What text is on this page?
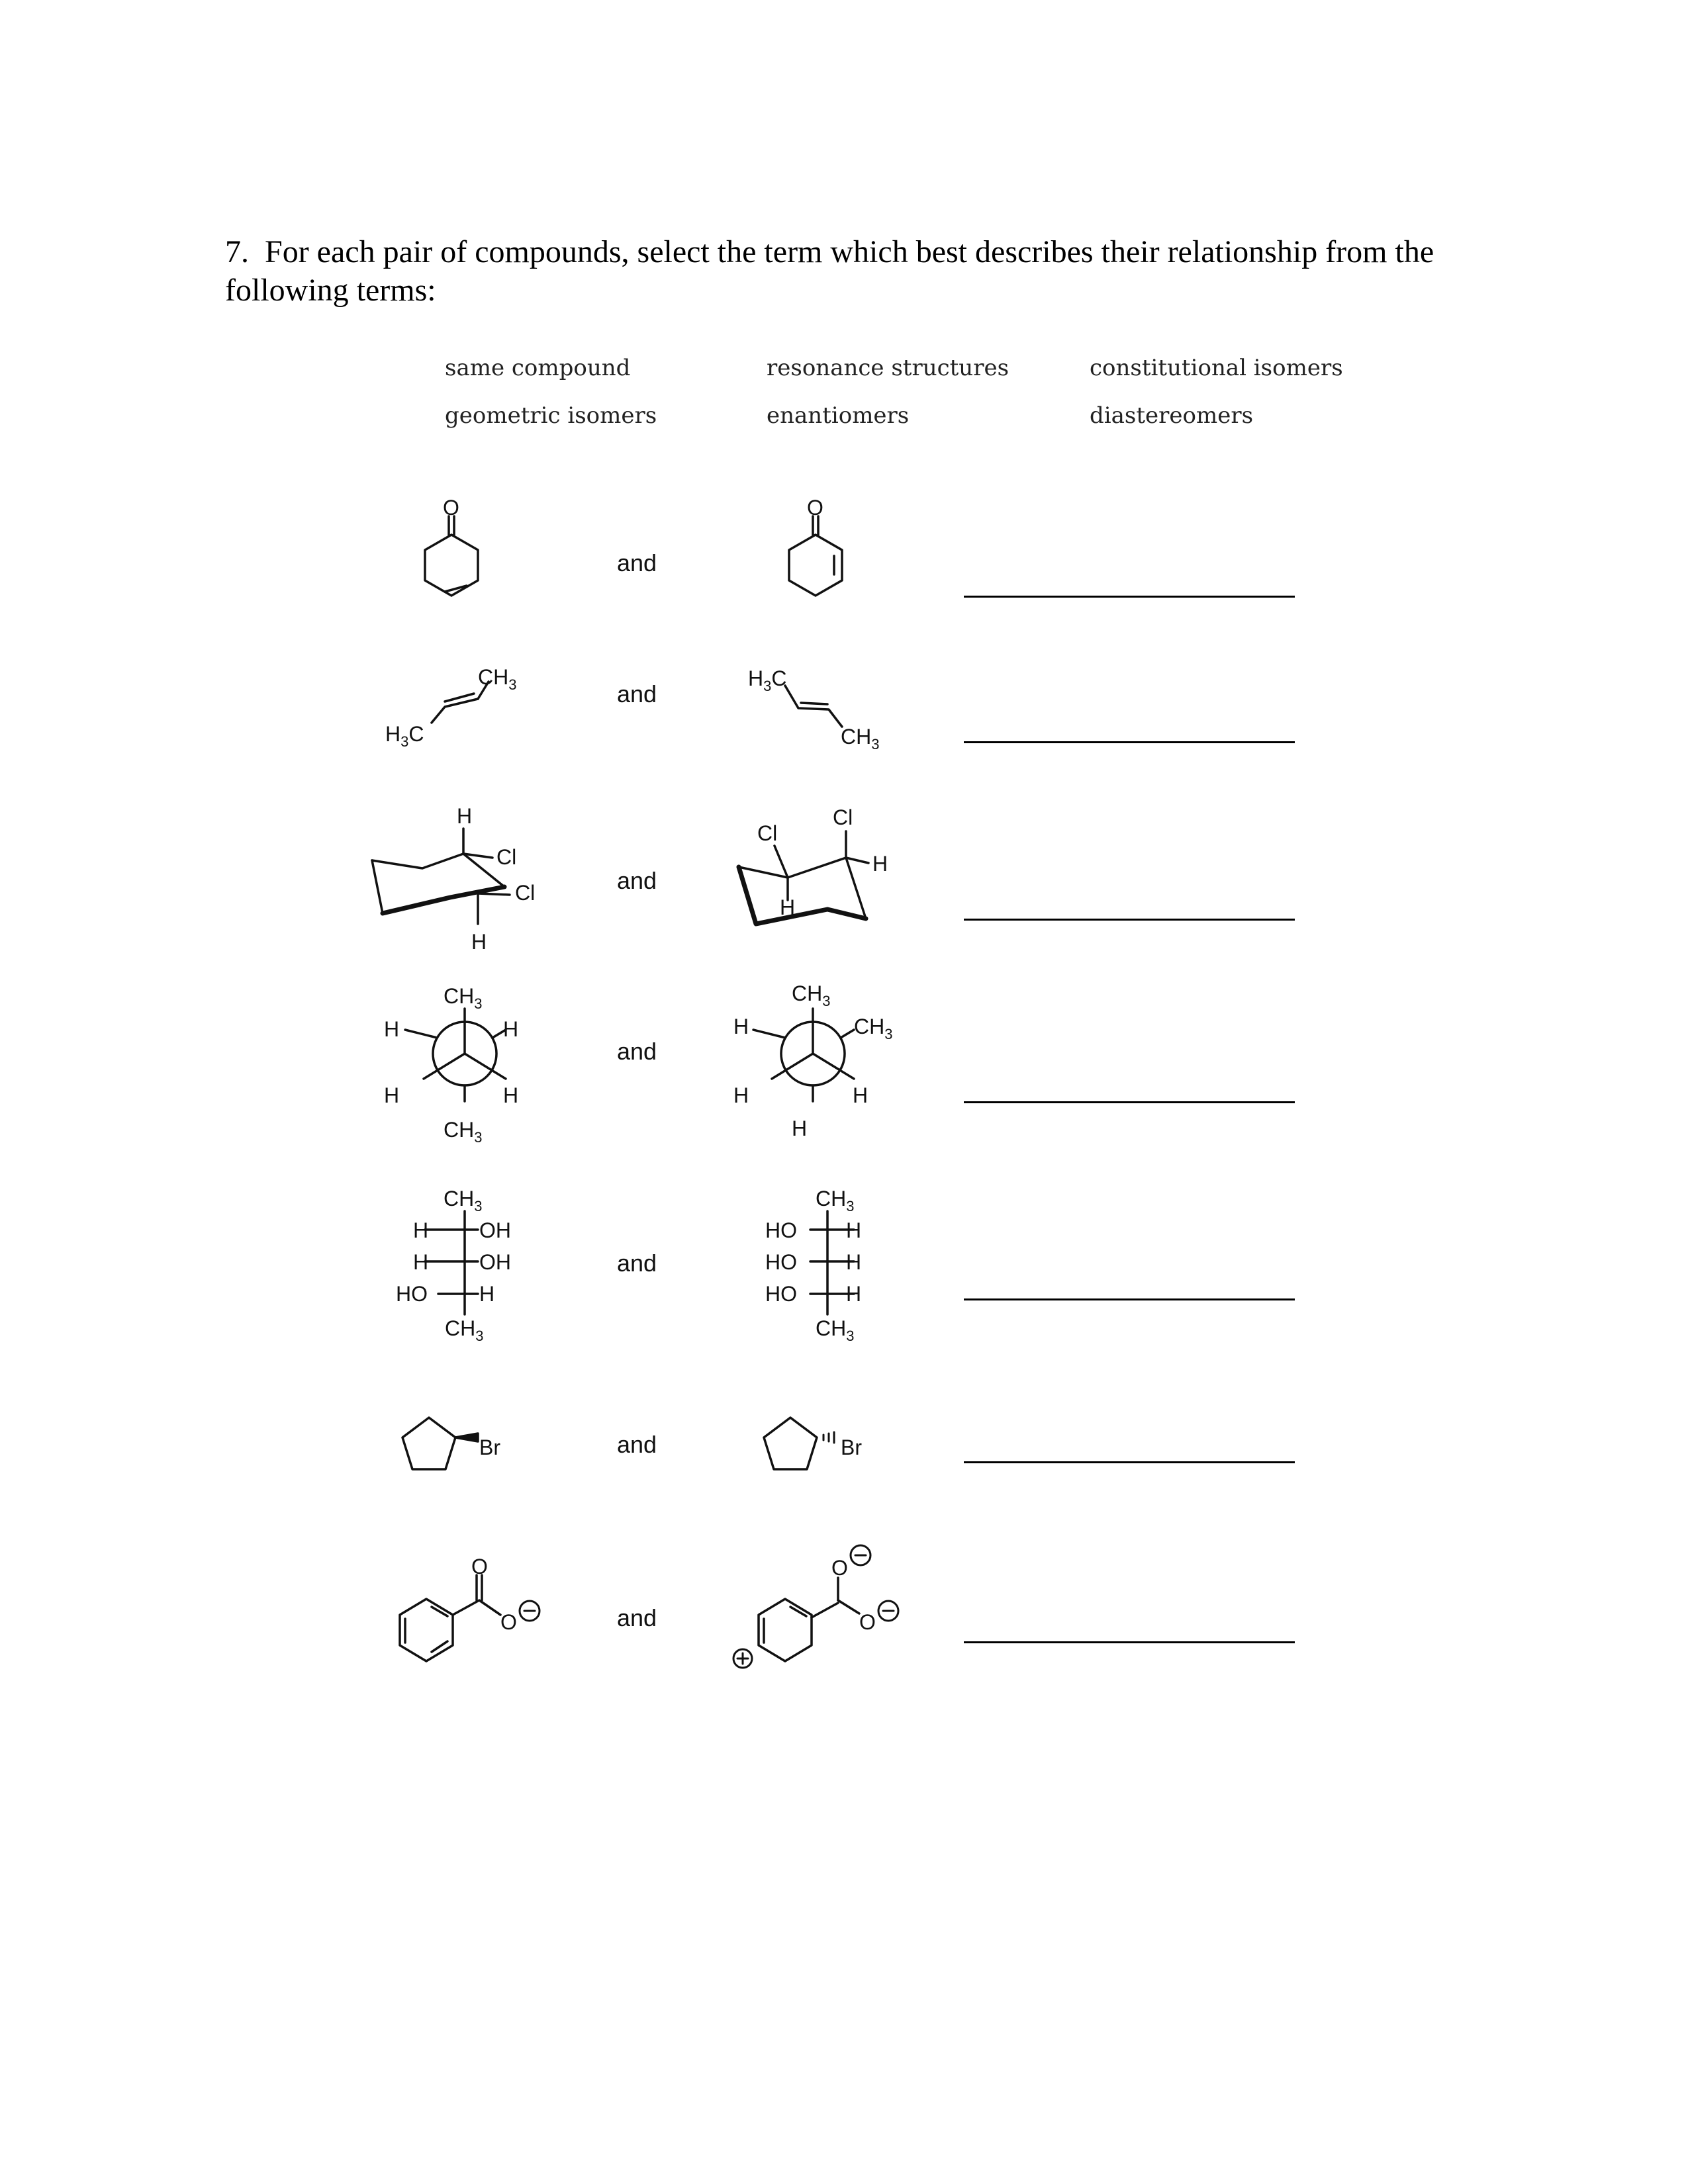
7. For each pair of compounds, select the term which best describes their relationship from the following terms:
same compound	resonance structures	constitutional isomers
geometric isomers	enantiomers	diastereomers
and
and
and
and
and
and
and
O	O
$CH_3$
$H_3C$
$H_3C$
$CH_3$
H
Cl
Cl
H
Cl
Cl
H
H
$CH_3$
H	H
H	H
$CH_3$
$CH_3$
H	$CH_3$
H	H
H
$CH_3$
H OH
H OH
HO H
$CH_3$
$CH_3$
HO H
HO H
HO H
$CH_3$
Br	Br
O
O
O
O
